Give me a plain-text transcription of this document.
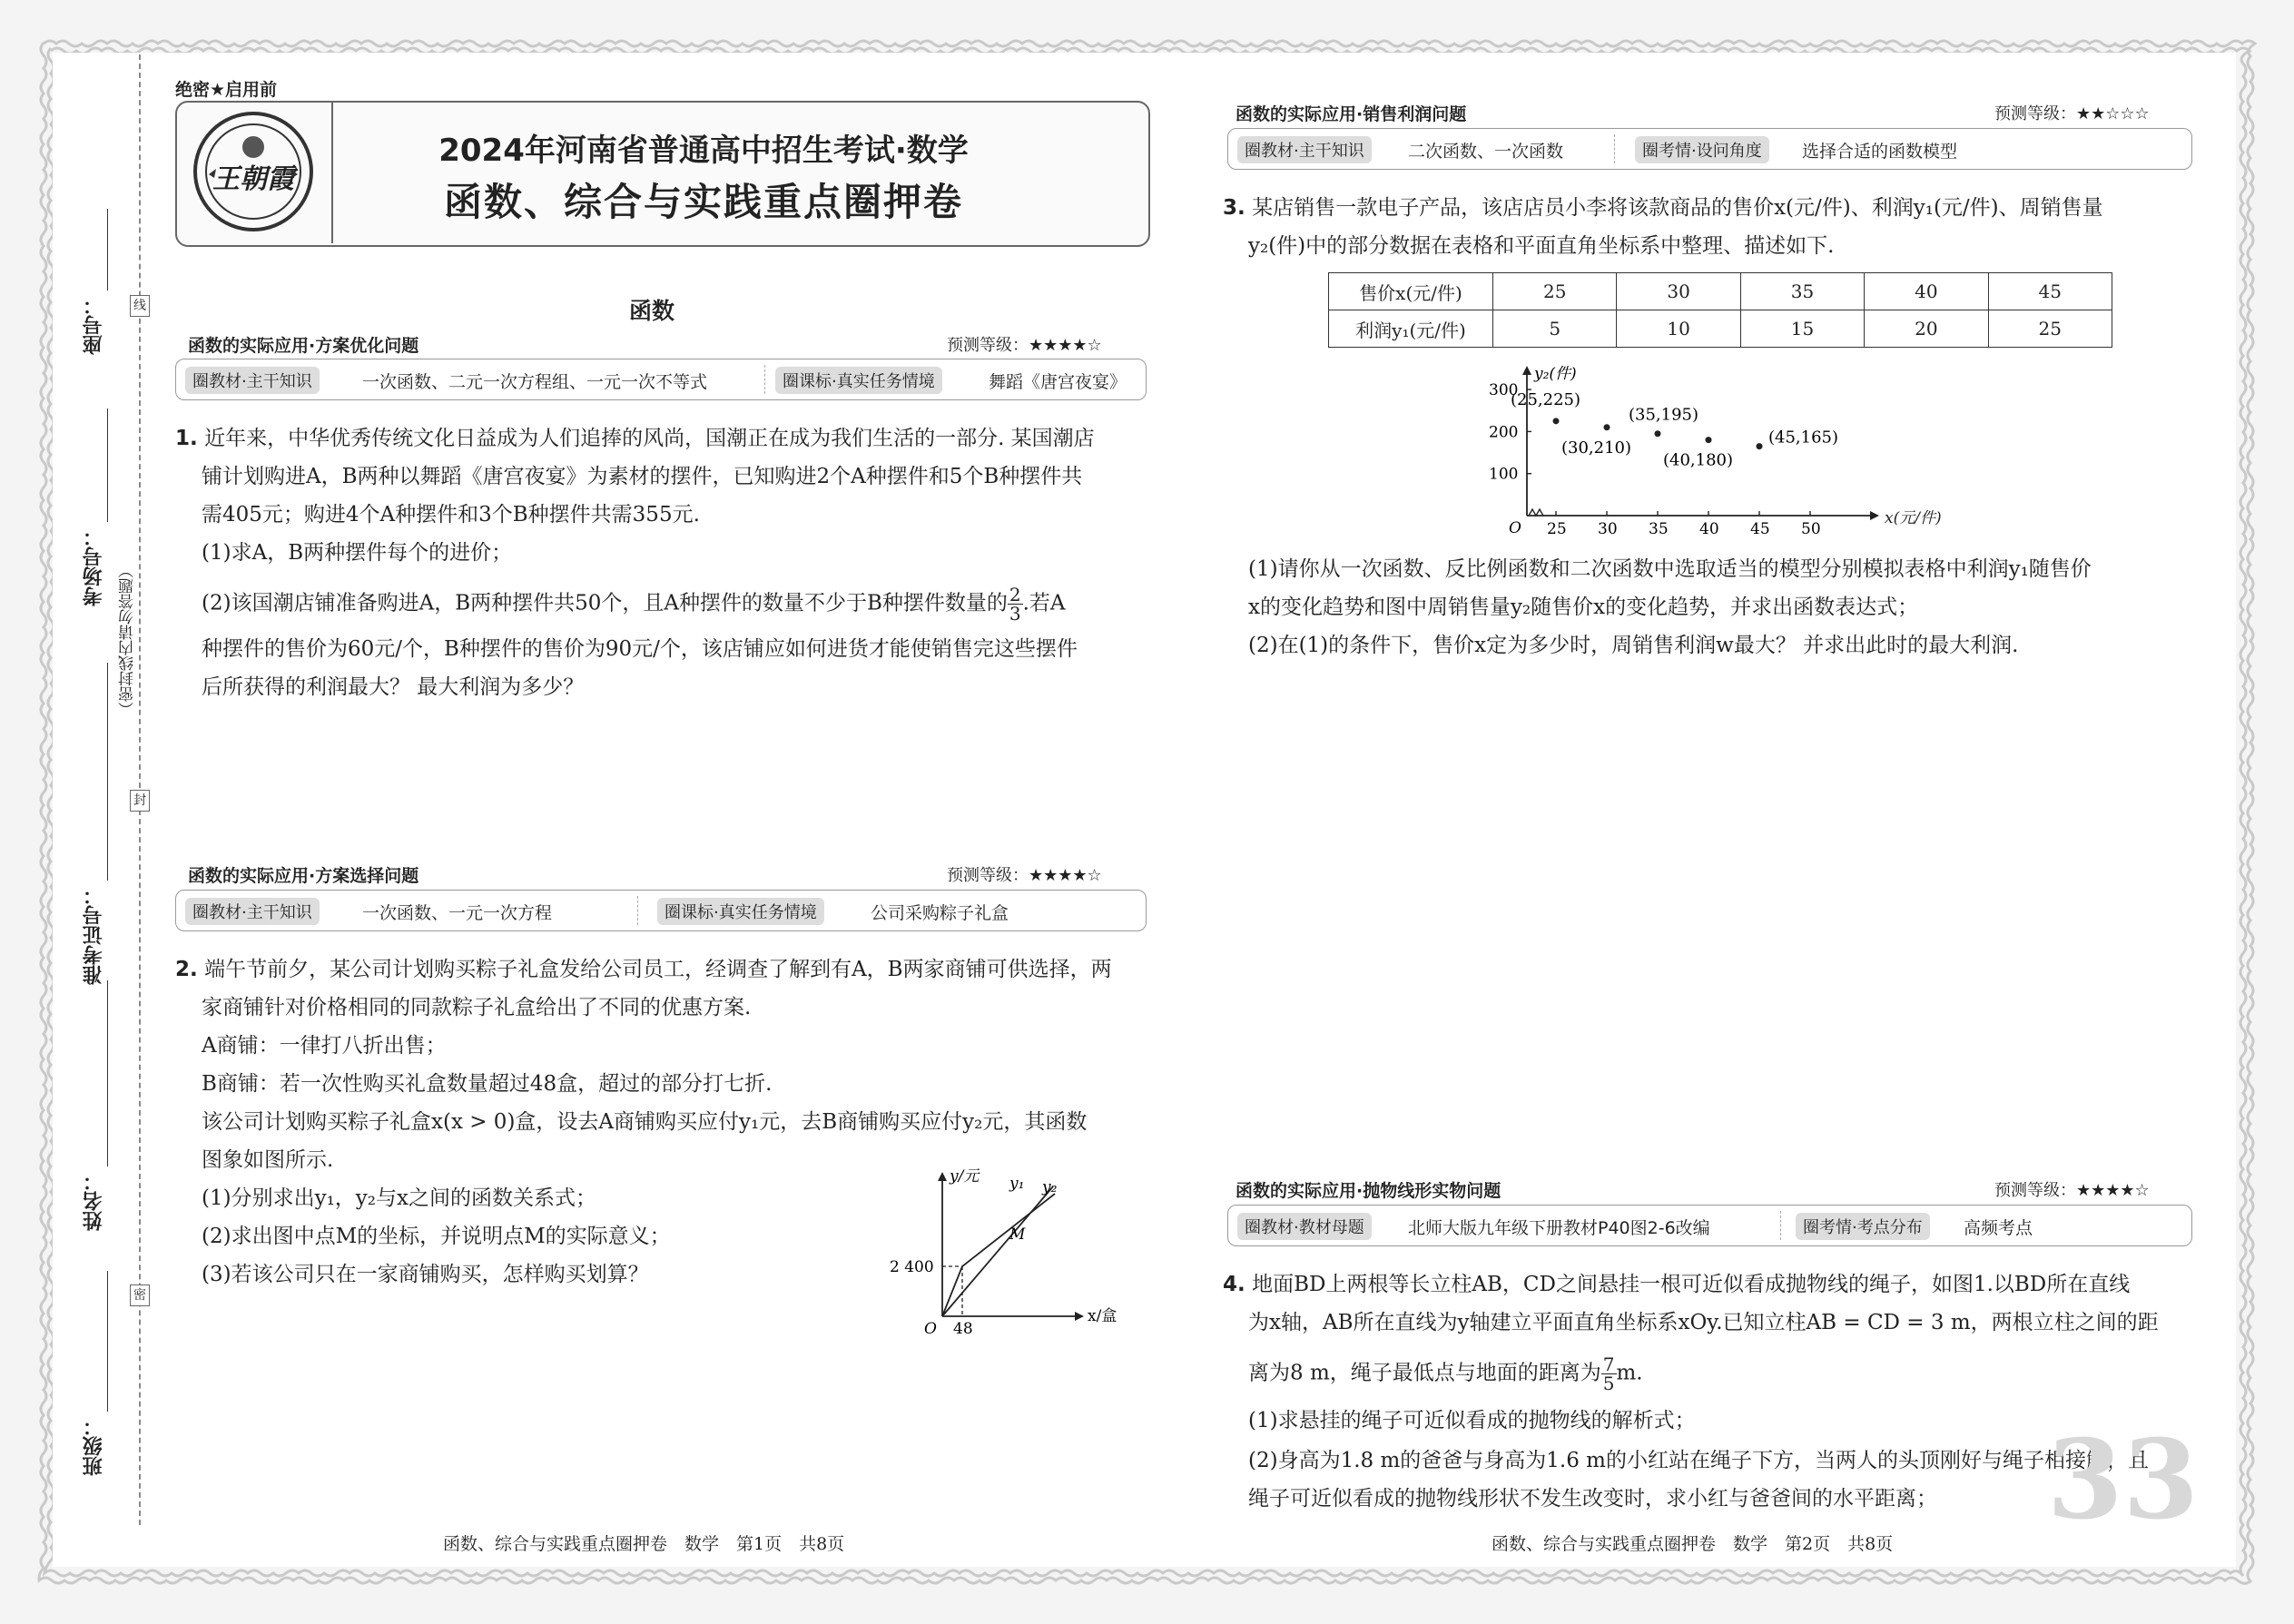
线
封
密
座号：
考场号： （密封线内请勿答题）
准考证号：
姓名：
班级：
绝密★启用前
王朝霞
2024年河南省普通高中招生考试·数学
函数、综合与实践重点圈押卷
函数
函数的实际应用·方案优化问题	预测等级：★★★★☆
圈教材·主干知识	一次函数、二元一次方程组、一元一次不等式	圈课标·真实任务情境	舞蹈《唐宫夜宴》
1. 近年来，中华优秀传统文化日益成为人们追捧的风尚，国潮正在成为我们生活的一部分. 某国潮店
铺计划购进A，B两种以舞蹈《唐宫夜宴》为素材的摆件，已知购进2个A种摆件和5个B种摆件共
需405元；购进4个A种摆件和3个B种摆件共需355元.
(1)求A，B两种摆件每个的进价；
(2)该国潮店铺准备购进A，B两种摆件共50个，且A种摆件的数量不少于B种摆件数量的 $\frac{2}{3}$ .若A
种摆件的售价为60元/个，B种摆件的售价为90元/个，该店铺应如何进货才能使销售完这些摆件
后所获得的利润最大？ 最大利润为多少？
函数的实际应用·方案选择问题	预测等级：★★★★☆
圈教材·主干知识	一次函数、一元一次方程	圈课标·真实任务情境	公司采购粽子礼盒
2. 端午节前夕，某公司计划购买粽子礼盒发给公司员工，经调查了解到有A，B两家商铺可供选择，两
家商铺针对价格相同的同款粽子礼盒给出了不同的优惠方案.
A商铺：一律打八折出售；
B商铺：若一次性购买礼盒数量超过48盒，超过的部分打七折.
该公司计划购买粽子礼盒x(x > 0)盒，设去A商铺购买应付y₁元，去B商铺购买应付y₂元，其函数
图象如图所示.
(1)分别求出y₁，y₂与x之间的函数关系式；
(2)求出图中点M的坐标，并说明点M的实际意义；
(3)若该公司只在一家商铺购买，怎样购买划算？
y/元
x/盒
O
2 400
48
y₁ y₂
M
函数的实际应用·销售利润问题	预测等级：★★☆☆☆
圈教材·主干知识	二次函数、一次函数	圈考情·设问角度	选择合适的函数模型
3. 某店销售一款电子产品，该店店员小李将该款商品的售价x(元/件)、利润y₁(元/件)、周销售量
y₂(件)中的部分数据在表格和平面直角坐标系中整理、描述如下.
售价x(元/件)	25	30	35	40	45
利润y₁(元/件)	5	10	15	20	25
y₂(件)
O 25 30 35 40 45 50
100
200
300
(25,225)
(30,210)
(35,195)
(40,180)
(45,165)
x(元/件)
(1)请你从一次函数、反比例函数和二次函数中选取适当的模型分别模拟表格中利润y₁随售价
x的变化趋势和图中周销售量y₂随售价x的变化趋势，并求出函数表达式；
(2)在(1)的条件下，售价x定为多少时，周销售利润w最大？ 并求出此时的最大利润.
函数的实际应用·抛物线形实物问题	预测等级：★★★★☆
圈教材·教材母题	北师大版九年级下册教材P40图2-6改编	圈考情·考点分布	高频考点
4. 地面BD上两根等长立柱AB，CD之间悬挂一根可近似看成抛物线的绳子，如图1.以BD所在直线
为x轴，AB所在直线为y轴建立平面直角坐标系xOy.已知立柱AB = CD = 3 m，两根立柱之间的距
离为8 m，绳子最低点与地面的距离为 $\frac{7}{5} m$.
(1)求悬挂的绳子可近似看成的抛物线的解析式；
(2)身高为1.8 m的爸爸与身高为1.6 m的小红站在绳子下方，当两人的头顶刚好与绳子相接触，且
绳子可近似看成的抛物线形状不发生改变时，求小红与爸爸间的水平距离； 33
函数、综合与实践重点圈押卷　数学　第1页　共8页	函数、综合与实践重点圈押卷　数学　第2页　共8页
